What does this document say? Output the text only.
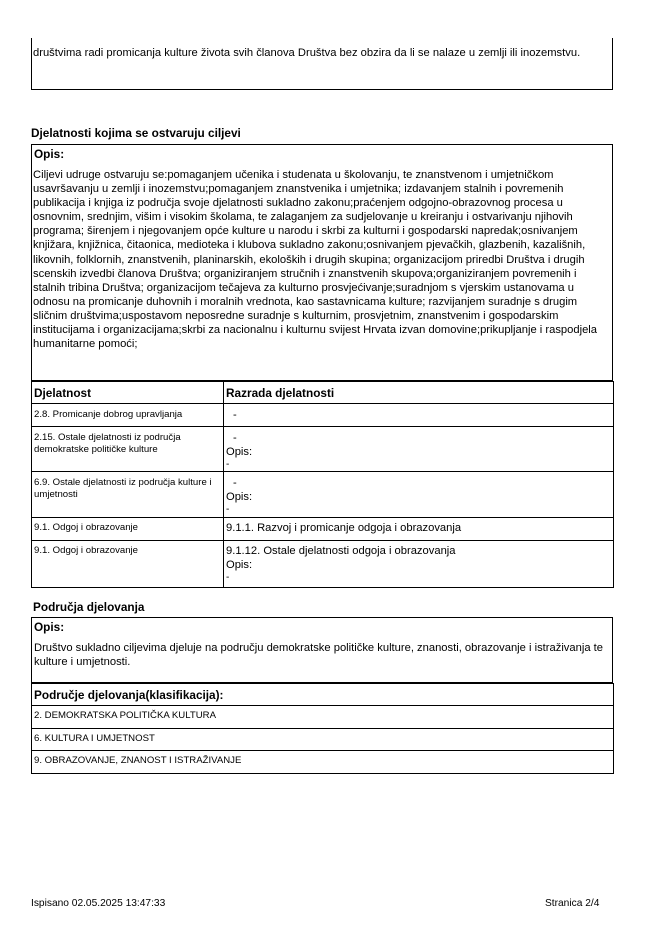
društvima radi promicanja kulture života svih članova Društva bez obzira da li se nalaze u zemlji ili inozemstvu.
Djelatnosti kojima se ostvaruju ciljevi
Opis:
Ciljevi udruge ostvaruju se:pomaganjem učenika i studenata u školovanju, te znanstvenom i umjetničkom usavršavanju u zemlji i inozemstvu;pomaganjem znanstvenika i umjetnika; izdavanjem stalnih i povremenih publikacija i knjiga iz područja svoje djelatnosti sukladno zakonu;praćenjem odgojno-obrazovnog procesa u osnovnim, srednjim, višim i visokim školama, te zalaganjem za sudjelovanje u kreiranju i ostvarivanju njihovih programa; širenjem i njegovanjem opće kulture u narodu i skrbi za kulturni i gospodarski napredak;osnivanjem knjižara, knjižnica, čitaonica, medioteka i klubova sukladno zakonu;osnivanjem pjevačkih, glazbenih, kazališnih, likovnih, folklornih, znanstvenih, planinarskih, ekoloških i drugih skupina; organizacijom priredbi Društva i drugih scenskih izvedbi članova Društva; organiziranjem stručnih i znanstvenih skupova;organiziranjem povremenih i stalnih tribina Društva; organizacijom tečajeva za kulturno prosvjećivanje;suradnjom s vjerskim ustanovama u odnosu na promicanje duhovnih i moralnih vrednota, kao sastavnicama kulture; razvijanjem suradnje s drugim sličnim društvima;uspostavom neposredne suradnje s kulturnim, prosvjetnim, znanstvenim i gospodarskim institucijama i organizacijama;skrbi za nacionalnu i kulturnu svijest Hrvata izvan domovine;prikupljanje i raspodjela humanitarne pomoći;
Djelatnost	Razrada djelatnosti
2.8. Promicanje dobrog upravljanja	-

2.15. Ostale djelatnosti iz područja demokratske političke kulture	-
Opis:
-

6.9. Ostale djelatnosti iz područja kulture i umjetnosti	-
Opis:
-

9.1. Odgoj i obrazovanje	9.1.1. Razvoj i promicanje odgoja i obrazovanja

9.1. Odgoj i obrazovanje	9.1.12. Ostale djelatnosti odgoja i obrazovanja
Opis:
-
Područja djelovanja
Opis:
Društvo sukladno ciljevima djeluje na području demokratske političke kulture, znanosti, obrazovanje i istraživanja te kulture i umjetnosti.
Područje djelovanja(klasifikacija):
2. DEMOKRATSKA POLITIČKA KULTURA
6. KULTURA I UMJETNOST
9. OBRAZOVANJE, ZNANOST I ISTRAŽIVANJE
Ispisano 02.05.2025 13:47:33	Stranica 2/4
